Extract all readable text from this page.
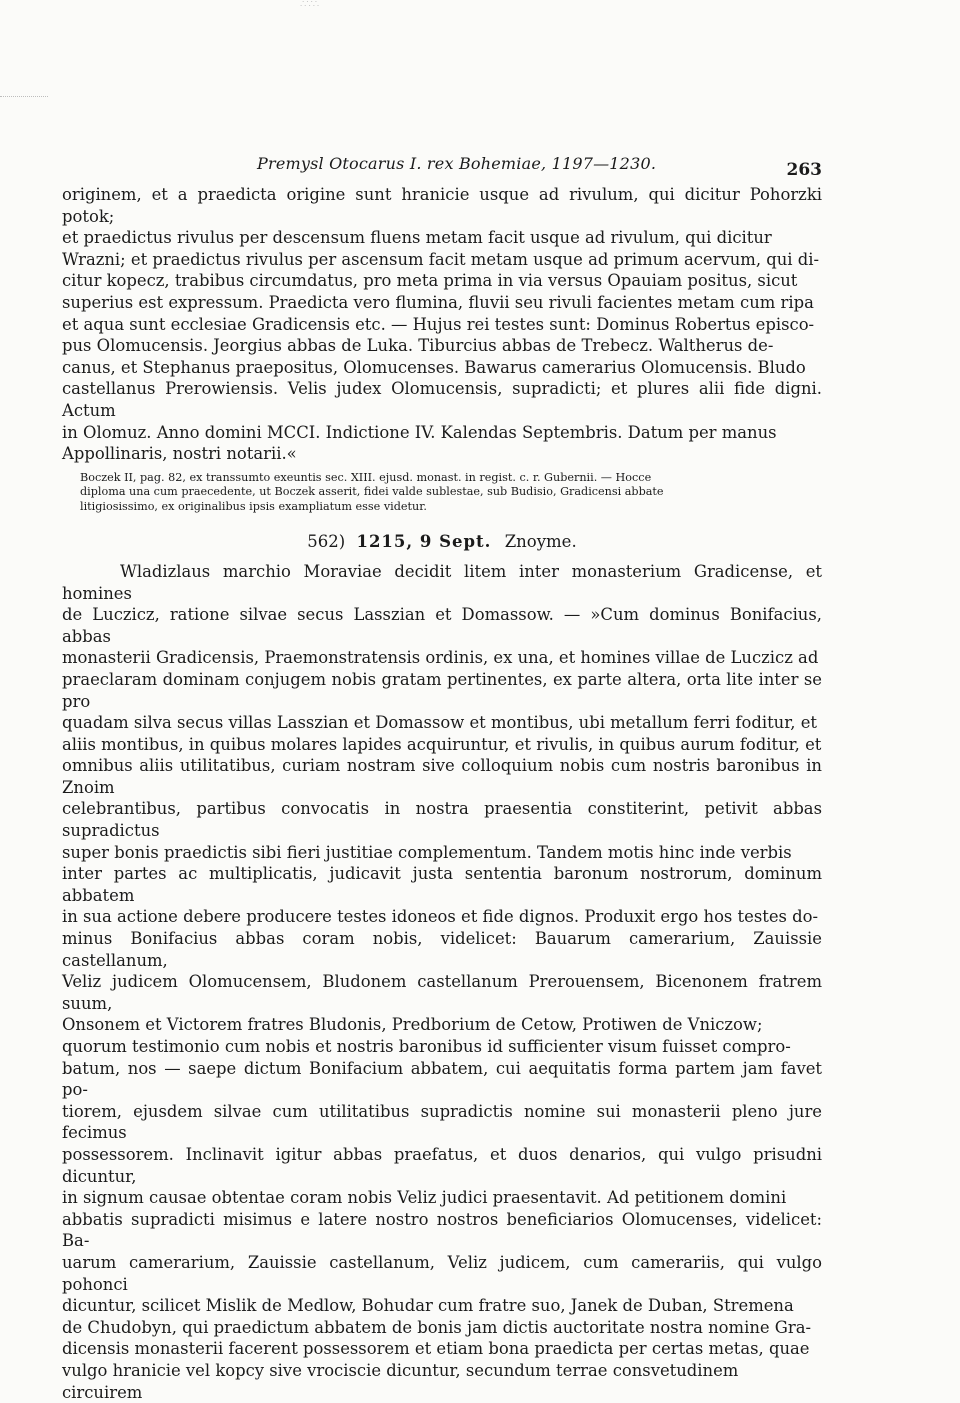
∴∵∴
Premysl Otocarus I. rex Bohemiae, 1197—1230.	263

originem, et a praedicta origine sunt hranicie usque ad rivulum, qui dicitur Pohorzki potok;

et praedictus rivulus per descensum fluens metam facit usque ad rivulum, qui dicitur

Wrazni; et praedictus rivulus per ascensum facit metam usque ad primum acervum, qui di-

citur kopecz, trabibus circumdatus, pro meta prima in via versus Opauiam positus, sicut

superius est expressum. Praedicta vero flumina, fluvii seu rivuli facientes metam cum ripa

et aqua sunt ecclesiae Gradicensis etc. — Hujus rei testes sunt: Dominus Robertus episco-

pus Olomucensis. Jeorgius abbas de Luka. Tiburcius abbas de Trebecz. Waltherus de-

canus, et Stephanus praepositus, Olomucenses. Bawarus camerarius Olomucensis. Bludo

castellanus Prerowiensis. Velis judex Olomucensis, supradicti; et plures alii fide digni. Actum

in Olomuz. Anno domini MCCI. Indictione IV. Kalendas Septembris. Datum per manus

Appollinaris, nostri notarii.«

Boczek II, pag. 82, ex transsumto exeuntis sec. XIII. ejusd. monast. in regist. c. r. Gubernii. — Hocce

diploma una cum praecedente, ut Boczek asserit, fidei valde sublestae, sub Budisio, Gradicensi abbate

litigiosissimo, ex originalibus ipsis exampliatum esse videtur.

562) 1215, 9 Sept. Znoyme.

Wladizlaus marchio Moraviae decidit litem inter monasterium Gradicense, et homines

de Luczicz, ratione silvae secus Lasszian et Domassow. — »Cum dominus Bonifacius, abbas

monasterii Gradicensis, Praemonstratensis ordinis, ex una, et homines villae de Luczicz ad

praeclaram dominam conjugem nobis gratam pertinentes, ex parte altera, orta lite inter se pro

quadam silva secus villas Lasszian et Domassow et montibus, ubi metallum ferri foditur, et

aliis montibus, in quibus molares lapides acquiruntur, et rivulis, in quibus aurum foditur, et

omnibus aliis utilitatibus, curiam nostram sive colloquium nobis cum nostris baronibus in Znoim

celebrantibus, partibus convocatis in nostra praesentia constiterint, petivit abbas supradictus

super bonis praedictis sibi fieri justitiae complementum. Tandem motis hinc inde verbis

inter partes ac multiplicatis, judicavit justa sententia baronum nostrorum, dominum abbatem

in sua actione debere producere testes idoneos et fide dignos. Produxit ergo hos testes do-

minus Bonifacius abbas coram nobis, videlicet: Bauarum camerarium, Zauissie castellanum,

Veliz judicem Olomucensem, Bludonem castellanum Prerouensem, Bicenonem fratrem suum,

Onsonem et Victorem fratres Bludonis, Predborium de Cetow, Protiwen de Vniczow;

quorum testimonio cum nobis et nostris baronibus id sufficienter visum fuisset compro-

batum, nos — saepe dictum Bonifacium abbatem, cui aequitatis forma partem jam favet po-

tiorem, ejusdem silvae cum utilitatibus supradictis nomine sui monasterii pleno jure fecimus

possessorem. Inclinavit igitur abbas praefatus, et duos denarios, qui vulgo prisudni dicuntur,

in signum causae obtentae coram nobis Veliz judici praesentavit. Ad petitionem domini

abbatis supradicti misimus e latere nostro nostros beneficiarios Olomucenses, videlicet: Ba-

uarum camerarium, Zauissie castellanum, Veliz judicem, cum camerariis, qui vulgo pohonci

dicuntur, scilicet Mislik de Medlow, Bohudar cum fratre suo, Janek de Duban, Stremena

de Chudobyn, qui praedictum abbatem de bonis jam dictis auctoritate nostra nomine Gra-

dicensis monasterii facerent possessorem et etiam bona praedicta per certas metas, quae

vulgo hranicie vel kopcy sive vrociscie dicuntur, secundum terrae consvetudinem circuirem
